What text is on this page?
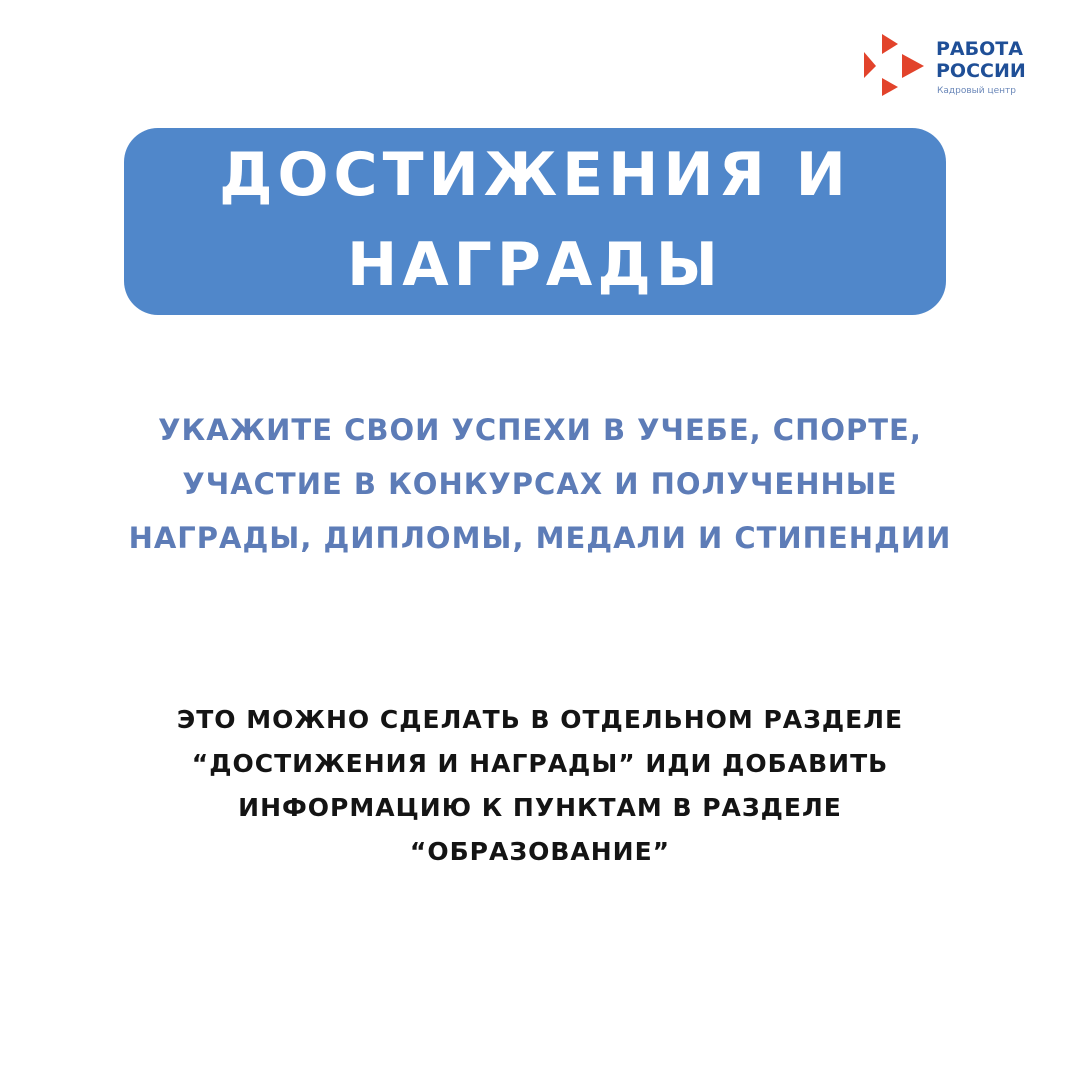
РАБОТА
РОССИИ
Кадровый центр
ДОСТИЖЕНИЯ И
НАГРАДЫ

УКАЖИТЕ СВОИ УСПЕХИ В УЧЕБЕ, СПОРТЕ,
УЧАСТИЕ В КОНКУРСАХ И ПОЛУЧЕННЫЕ
НАГРАДЫ, ДИПЛОМЫ, МЕДАЛИ И СТИПЕНДИИ

ЭТО МОЖНО СДЕЛАТЬ В ОТДЕЛЬНОМ РАЗДЕЛЕ
“ДОСТИЖЕНИЯ И НАГРАДЫ” ИДИ ДОБАВИТЬ
ИНФОРМАЦИЮ К ПУНКТАМ В РАЗДЕЛЕ
“ОБРАЗОВАНИЕ”
